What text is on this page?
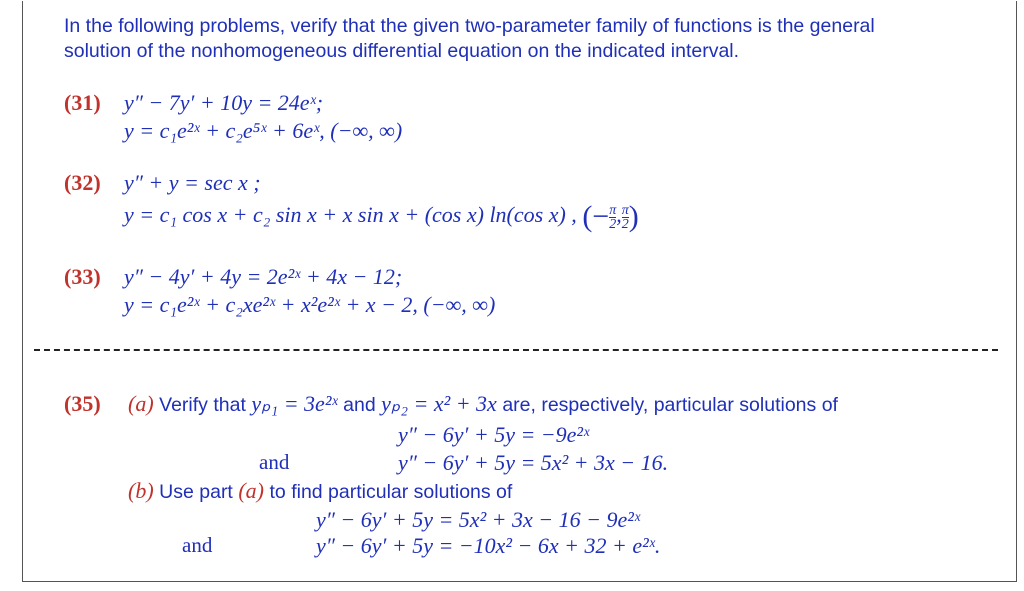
In the following problems, verify that the given two-parameter family of functions is the general
solution of the nonhomogeneous differential equation on the indicated interval.
(31) y″ − 7y′ + 10y = 24eˣ;
y = c₁e²ˣ + c₂e⁵ˣ + 6eˣ, (−∞, ∞)
(32) y″ + y = sec x ;
y = c₁ cos x + c₂ sin x + x sin x + (cos x) ln(cos x) , (− $\frac{\pi}{2}$ , $\frac{\pi}{2}$ )
(33) y″ − 4y′ + 4y = 2e²ˣ + 4x − 12;
y = c₁e²ˣ + c₂xe²ˣ + x²e²ˣ + x − 2, (−∞, ∞)
(35) (a) Verify that yₚ₁ = 3e²ˣ and yₚ₂ = x² + 3x are, respectively, particular solutions of
y″ − 6y′ + 5y = −9e²ˣ
and	y″ − 6y′ + 5y = 5x² + 3x − 16.
(b) Use part (a) to find particular solutions of
y″ − 6y′ + 5y = 5x² + 3x − 16 − 9e²ˣ
and	y″ − 6y′ + 5y = −10x² − 6x + 32 + e²ˣ.
